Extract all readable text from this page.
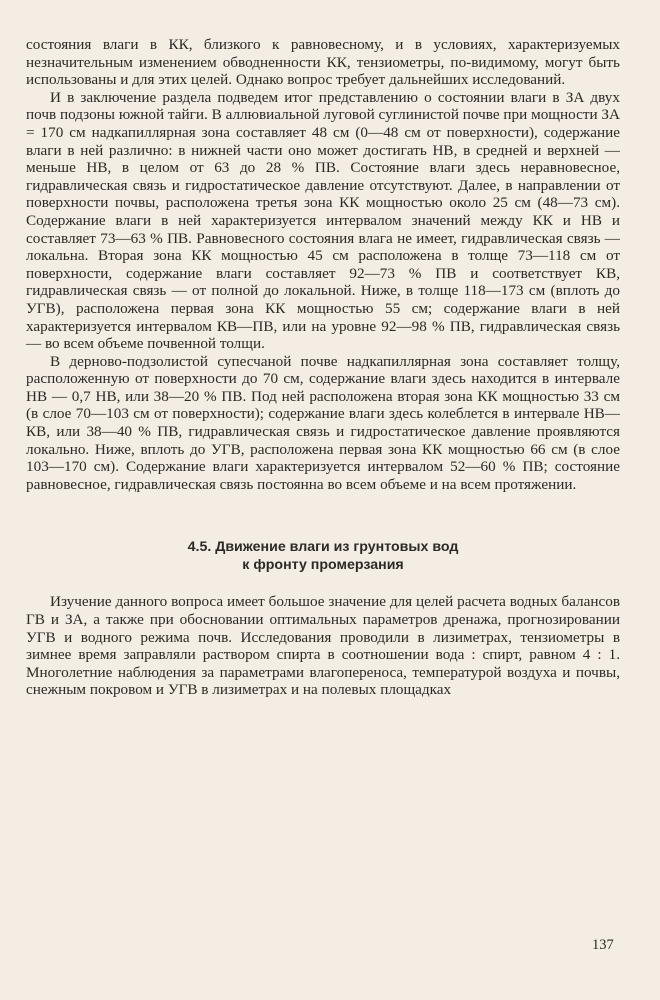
состояния влаги в КК, близкого к равновесному, и в условиях, характеризуемых незначительным изменением обводненности КК, тензиометры, по-видимому, могут быть использованы и для этих целей. Однако вопрос требует дальнейших исследований.

И в заключение раздела подведем итог представлению о состоянии влаги в ЗА двух почв подзоны южной тайги. В аллювиальной луговой суглинистой почве при мощности ЗА = 170 см надкапиллярная зона составляет 48 см (0—48 см от поверхности), содержание влаги в ней различно: в нижней части оно может достигать НВ, в средней и верхней — меньше НВ, в целом от 63 до 28 % ПВ. Состояние влаги здесь неравновесное, гидравлическая связь и гидростатическое давление отсутствуют. Далее, в направлении от поверхности почвы, расположена третья зона КК мощностью около 25 см (48—73 см). Содержание влаги в ней характеризуется интервалом значений между КК и НВ и составляет 73—63 % ПВ. Равновесного состояния влага не имеет, гидравлическая связь — локальна. Вторая зона КК мощностью 45 см расположена в толще 73—118 см от поверхности, содержание влаги составляет 92—73 % ПВ и соответствует КВ, гидравлическая связь — от полной до локальной. Ниже, в толще 118—173 см (вплоть до УГВ), расположена первая зона КК мощностью 55 см; содержание влаги в ней характеризуется интервалом КВ—ПВ, или на уровне 92—98 % ПВ, гидравлическая связь — во всем объеме почвенной толщи.

В дерново-подзолистой супесчаной почве надкапиллярная зона составляет толщу, расположенную от поверхности до 70 см, содержание влаги здесь находится в интервале НВ — 0,7 НВ, или 38—20 % ПВ. Под ней расположена вторая зона КК мощностью 33 см (в слое 70—103 см от поверхности); содержание влаги здесь колеблется в интервале НВ—КВ, или 38—40 % ПВ, гидравлическая связь и гидростатическое давление проявляются локально. Ниже, вплоть до УГВ, расположена первая зона КК мощностью 66 см (в слое 103—170 см). Содержание влаги характеризуется интервалом 52—60 % ПВ; состояние равновесное, гидравлическая связь постоянна во всем объеме и на всем протяжении.

4.5. Движение влаги из грунтовых вод
к фронту промерзания

Изучение данного вопроса имеет большое значение для целей расчета водных балансов ГВ и ЗА, а также при обосновании оптимальных параметров дренажа, прогнозировании УГВ и водного режима почв. Исследования проводили в лизиметрах, тензиометры в зимнее время заправляли раствором спирта в соотношении вода : спирт, равном 4 : 1. Многолетние наблюдения за параметрами влагопереноса, температурой воздуха и почвы, снежным покровом и УГВ в лизиметрах и на полевых площадках

137
